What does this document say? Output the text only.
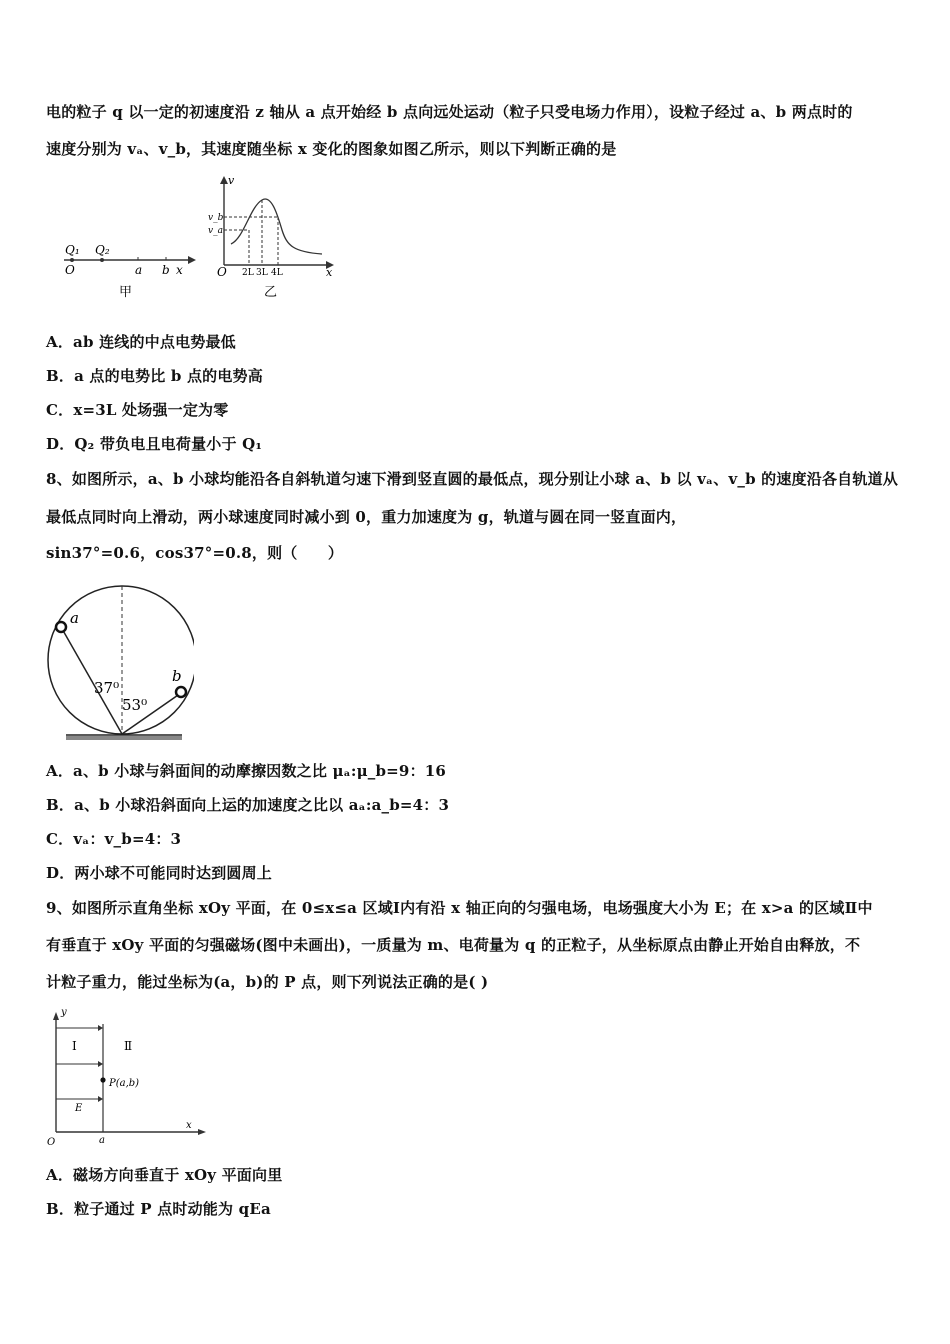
电的粒子 q 以一定的初速度沿 z 轴从 a 点开始经 b 点向远处运动（粒子只受电场力作用），设粒子经过 a、b 两点时的
速度分别为 vₐ、v_b，其速度随坐标 x 变化的图象如图乙所示，则以下判断正确的是
Q₁ Q₂
O	a b x
甲
v
v_b
v_a
O 2L 3L 4L	x
乙
A．ab 连线的中点电势最低
B．a 点的电势比 b 点的电势高
C．x=3L 处场强一定为零
D．Q₂ 带负电且电荷量小于 Q₁
8、如图所示，a、b 小球均能沿各自斜轨道匀速下滑到竖直圆的最低点，现分别让小球 a、b 以 vₐ、v_b 的速度沿各自轨道从
最低点同时向上滑动，两小球速度同时减小到 0，重力加速度为 g，轨道与圆在同一竖直面内，
sin37°=0.6，cos37°=0.8，则（　　）
a
b
37⁰
53⁰
A．a、b 小球与斜面间的动摩擦因数之比 μₐ:μ_b=9：16
B．a、b 小球沿斜面向上运的加速度之比以 aₐ:a_b=4：3
C．vₐ：v_b=4：3
D．两小球不可能同时达到圆周上
9、如图所示直角坐标 xOy 平面，在 0≤x≤a 区域Ⅰ内有沿 x 轴正向的匀强电场，电场强度大小为 E；在 x>a 的区域Ⅱ中
有垂直于 xOy 平面的匀强磁场(图中未画出)，一质量为 m、电荷量为 q 的正粒子，从坐标原点由静止开始自由释放，不
计粒子重力，能过坐标为(a，b)的 P 点，则下列说法正确的是( )
y
Ⅰ	Ⅱ
P(a,b)
E
O	a
x
A．磁场方向垂直于 xOy 平面向里
B．粒子通过 P 点时动能为 qEa
